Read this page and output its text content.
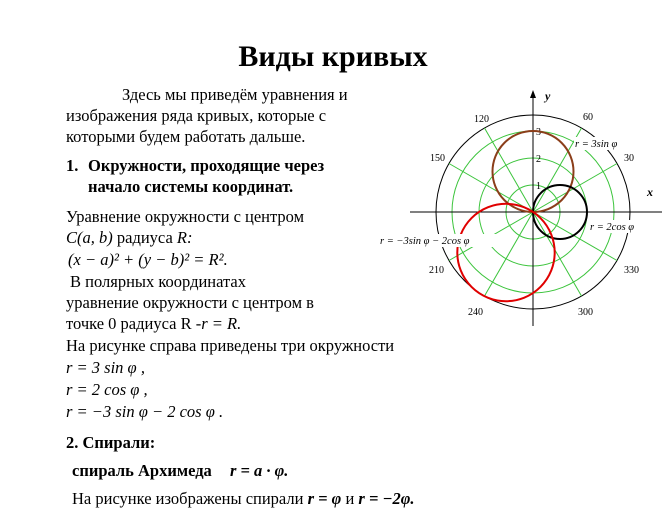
Виды кривых
Здесь мы приведём уравнения и
изображения ряда кривых, которые с
которыми будем работать дальше.
1. Окружности, проходящие через
начало системы координат.
Уравнение окружности с центром
C(a, b) радиуса R:
(x − a)² + (y − b)² = R².
В полярных координатах
уравнение окружности с центром в
точке 0 радиуса R -r = R.
На рисунке справа приведены три окружности
r = 3 sin φ ,
r = 2 cos φ ,
r = −3 sin φ − 2 cos φ .
2. Спирали:
спираль Архимеда r = a · φ.
На рисунке изображены спирали r = φ и r = −2φ.
y
x
1
2
3
120	60
150	30
210	330
240	300
r = 3sin φ
r = 2cos φ
r = −3sin φ − 2cos φ
